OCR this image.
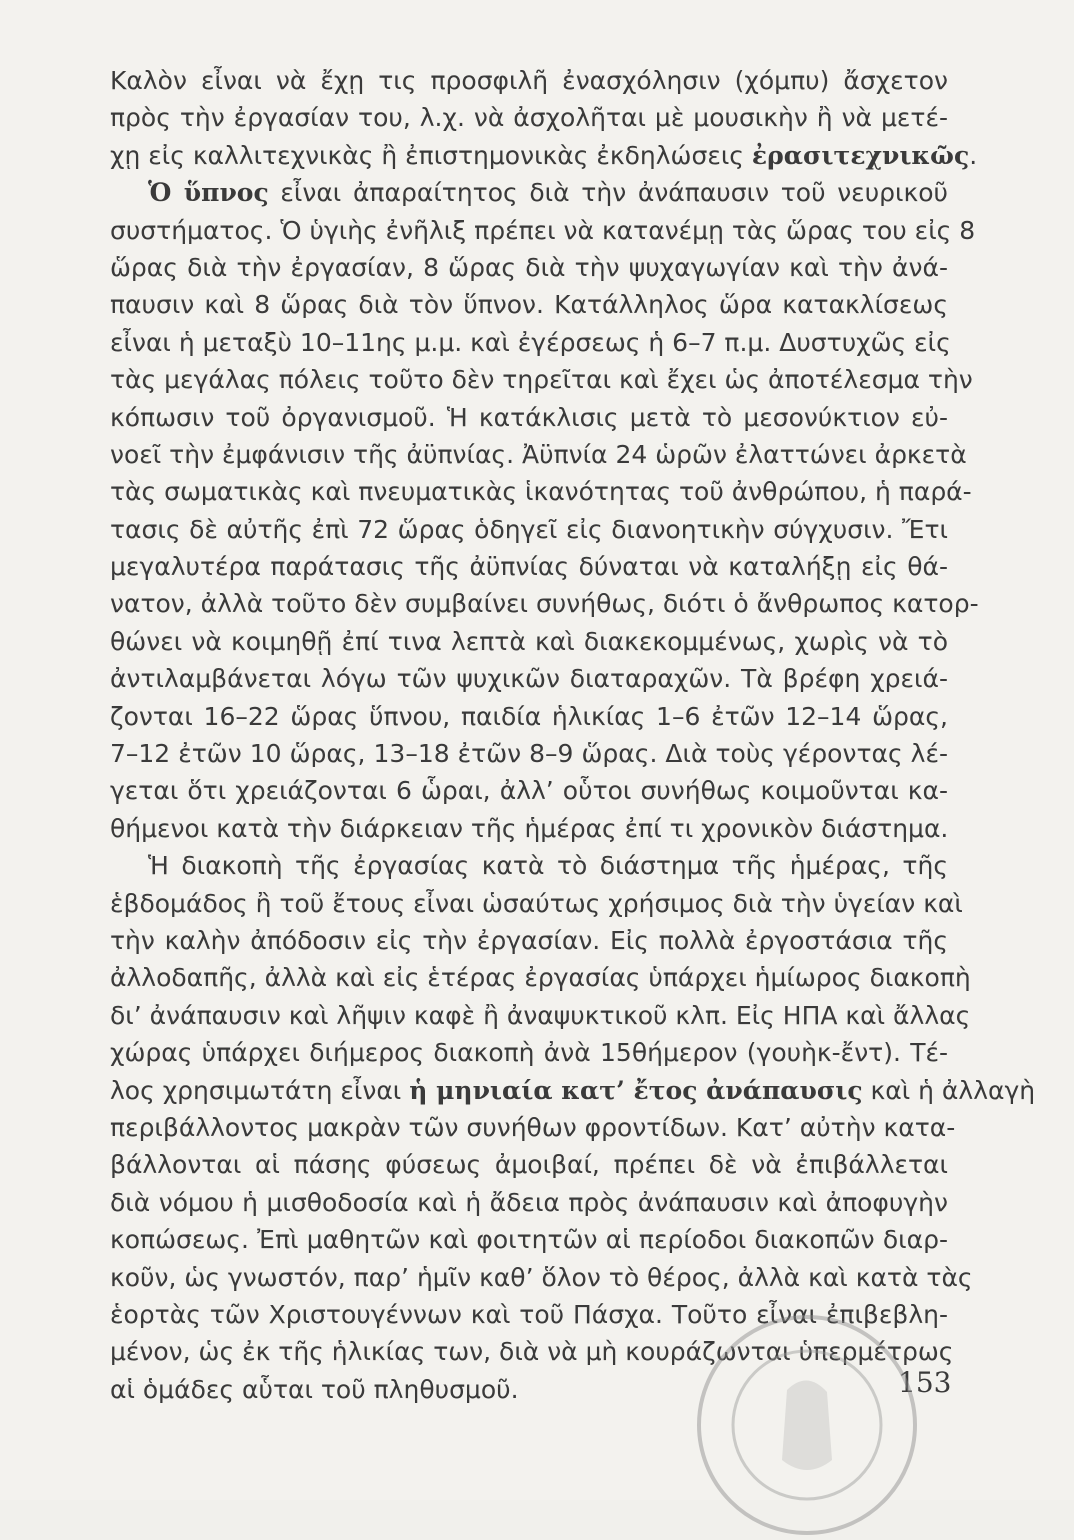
Καλὸν εἶναι νὰ ἔχῃ τις προσφιλῆ ἐνασχόλησιν (χόμπυ) ἄσχετον
πρὸς τὴν ἐργασίαν του, λ.χ. νὰ ἀσχολῆται μὲ μουσικὴν ἢ νὰ μετέ-
χῃ εἰς καλλιτεχνικὰς ἢ ἐπιστημονικὰς ἐκδηλώσεις ἐρασιτεχνικῶς.
Ὁ ὕπνος εἶναι ἀπαραίτητος διὰ τὴν ἀνάπαυσιν τοῦ νευρικοῦ
συστήματος. Ὁ ὑγιὴς ἐνῆλιξ πρέπει νὰ κατανέμῃ τὰς ὥρας του εἰς 8
ὥρας διὰ τὴν ἐργασίαν, 8 ὥρας διὰ τὴν ψυχαγωγίαν καὶ τὴν ἀνά-
παυσιν καὶ 8 ὥρας διὰ τὸν ὕπνον. Κατάλληλος ὥρα κατακλίσεως
εἶναι ἡ μεταξὺ 10–11ης μ.μ. καὶ ἐγέρσεως ἡ 6–7 π.μ. Δυστυχῶς εἰς
τὰς μεγάλας πόλεις τοῦτο δὲν τηρεῖται καὶ ἔχει ὡς ἀποτέλεσμα τὴν
κόπωσιν τοῦ ὀργανισμοῦ. Ἡ κατάκλισις μετὰ τὸ μεσονύκτιον εὐ-
νοεῖ τὴν ἐμφάνισιν τῆς ἀϋπνίας. Ἀϋπνία 24 ὡρῶν ἐλαττώνει ἀρκετὰ
τὰς σωματικὰς καὶ πνευματικὰς ἱκανότητας τοῦ ἀνθρώπου, ἡ παρά-
τασις δὲ αὐτῆς ἐπὶ 72 ὥρας ὁδηγεῖ εἰς διανοητικὴν σύγχυσιν. Ἔτι
μεγαλυτέρα παράτασις τῆς ἀϋπνίας δύναται νὰ καταλήξῃ εἰς θά-
νατον, ἀλλὰ τοῦτο δὲν συμβαίνει συνήθως, διότι ὁ ἄνθρωπος κατορ-
θώνει νὰ κοιμηθῇ ἐπί τινα λεπτὰ καὶ διακεκομμένως, χωρὶς νὰ τὸ
ἀντιλαμβάνεται λόγω τῶν ψυχικῶν διαταραχῶν. Τὰ βρέφη χρειά-
ζονται 16–22 ὥρας ὕπνου, παιδία ἡλικίας 1–6 ἐτῶν 12–14 ὥρας,
7–12 ἐτῶν 10 ὥρας, 13–18 ἐτῶν 8–9 ὥρας. Διὰ τοὺς γέροντας λέ-
γεται ὅτι χρειάζονται 6 ὧραι, ἀλλ’ οὗτοι συνήθως κοιμοῦνται κα-
θήμενοι κατὰ τὴν διάρκειαν τῆς ἡμέρας ἐπί τι χρονικὸν διάστημα.
Ἡ διακοπὴ τῆς ἐργασίας κατὰ τὸ διάστημα τῆς ἡμέρας, τῆς
ἑβδομάδος ἢ τοῦ ἔτους εἶναι ὡσαύτως χρήσιμος διὰ τὴν ὑγείαν καὶ
τὴν καλὴν ἀπόδοσιν εἰς τὴν ἐργασίαν. Εἰς πολλὰ ἐργοστάσια τῆς
ἀλλοδαπῆς, ἀλλὰ καὶ εἰς ἑτέρας ἐργασίας ὑπάρχει ἡμίωρος διακοπὴ
δι’ ἀνάπαυσιν καὶ λῆψιν καφὲ ἢ ἀναψυκτικοῦ κλπ. Εἰς ΗΠΑ καὶ ἄλλας
χώρας ὑπάρχει διήμερος διακοπὴ ἀνὰ 15θήμερον (γουὴκ-ἔντ). Τέ-
λος χρησιμωτάτη εἶναι ἡ μηνιαία κατ’ ἔτος ἀνάπαυσις καὶ ἡ ἀλλαγὴ
περιβάλλοντος μακρὰν τῶν συνήθων φροντίδων. Κατ’ αὐτὴν κατα-
βάλλονται αἱ πάσης φύσεως ἀμοιβαί, πρέπει δὲ νὰ ἐπιβάλλεται
διὰ νόμου ἡ μισθοδοσία καὶ ἡ ἄδεια πρὸς ἀνάπαυσιν καὶ ἀποφυγὴν
κοπώσεως. Ἐπὶ μαθητῶν καὶ φοιτητῶν αἱ περίοδοι διακοπῶν διαρ-
κοῦν, ὡς γνωστόν, παρ’ ἡμῖν καθ’ ὅλον τὸ θέρος, ἀλλὰ καὶ κατὰ τὰς
ἑορτὰς τῶν Χριστουγέννων καὶ τοῦ Πάσχα. Τοῦτο εἶναι ἐπιβεβλη-
μένον, ὡς ἐκ τῆς ἡλικίας των, διὰ νὰ μὴ κουράζωνται ὑπερμέτρως
αἱ ὁμάδες αὗται τοῦ πληθυσμοῦ.	153
